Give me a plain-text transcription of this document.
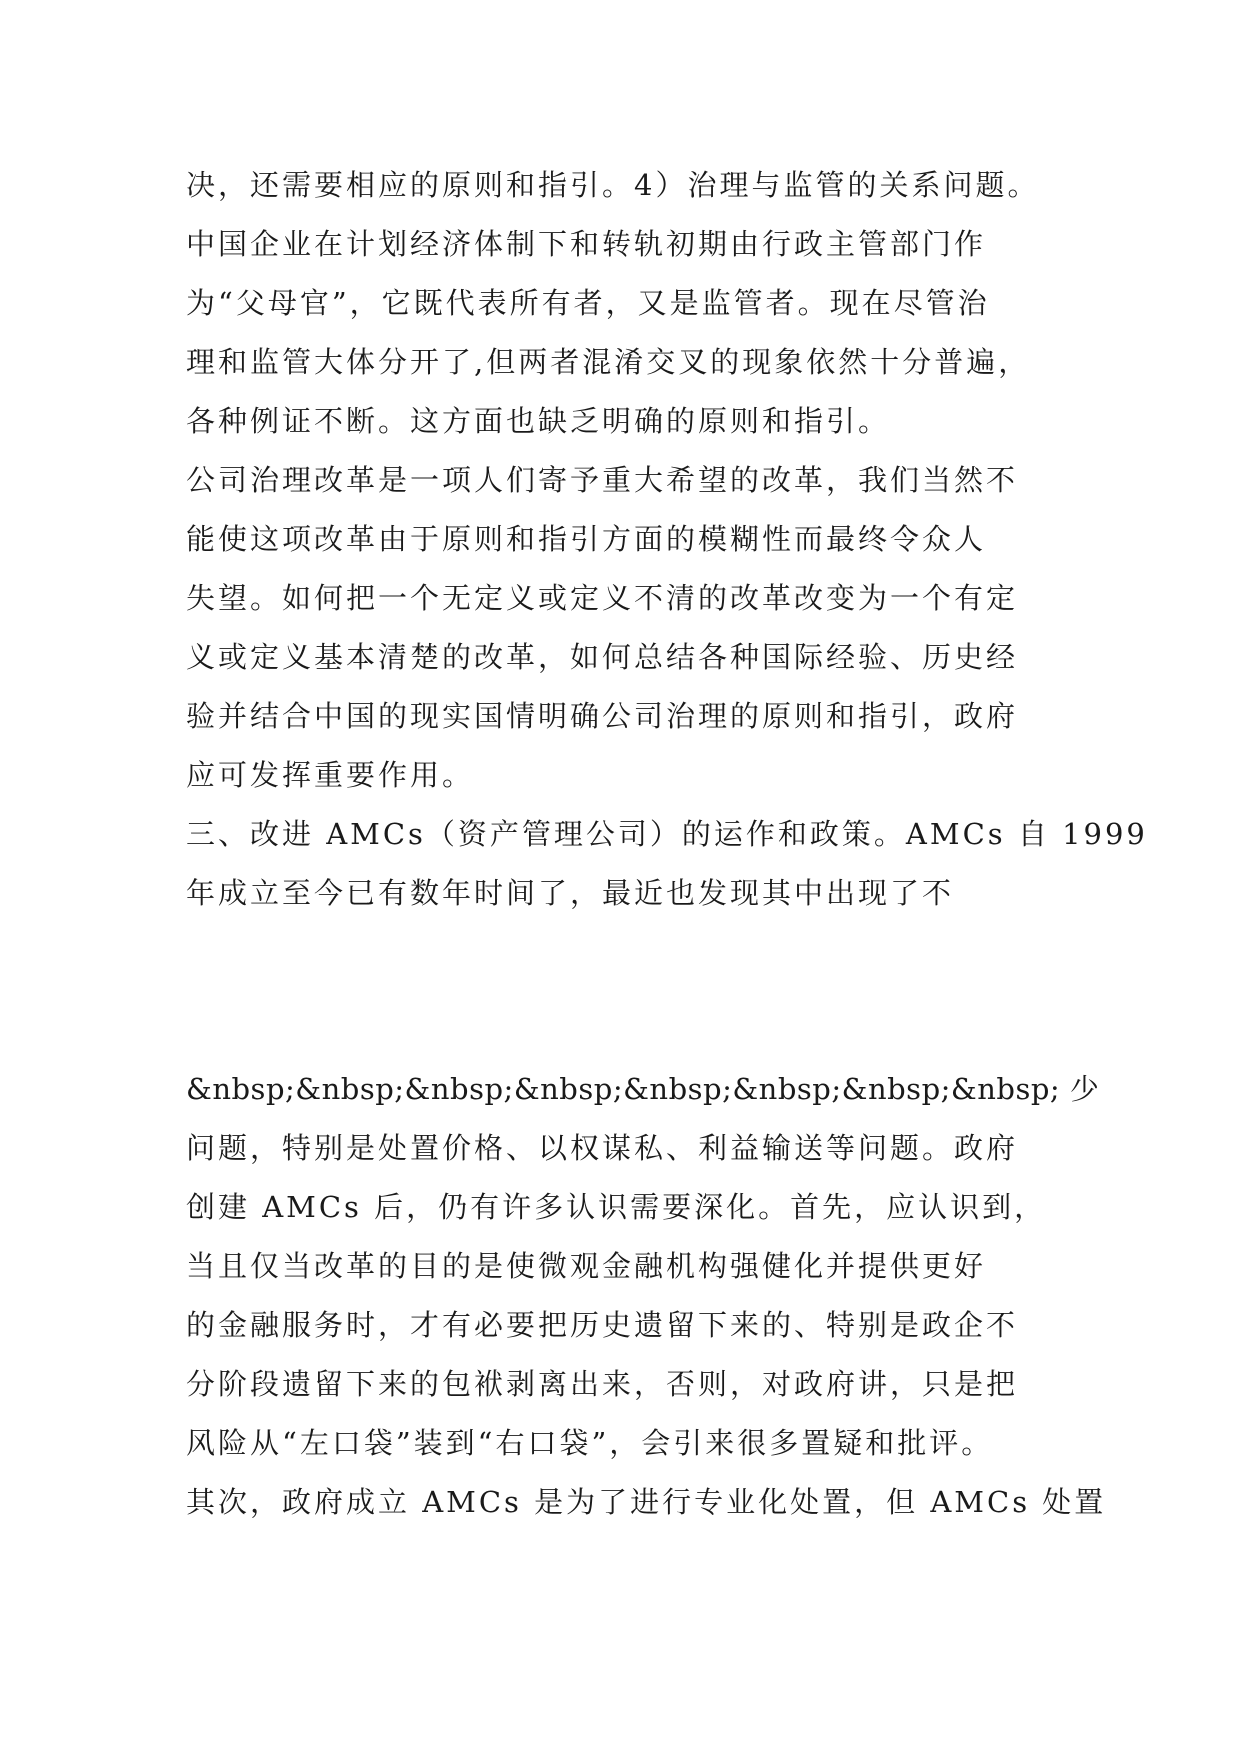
决，还需要相应的原则和指引。4）治理与监管的关系问题。
中国企业在计划经济体制下和转轨初期由行政主管部门作
为“父母官”，它既代表所有者，又是监管者。现在尽管治
理和监管大体分开了,但两者混淆交叉的现象依然十分普遍，
各种例证不断。这方面也缺乏明确的原则和指引。
公司治理改革是一项人们寄予重大希望的改革，我们当然不
能使这项改革由于原则和指引方面的模糊性而最终令众人
失望。如何把一个无定义或定义不清的改革改变为一个有定
义或定义基本清楚的改革，如何总结各种国际经验、历史经
验并结合中国的现实国情明确公司治理的原则和指引，政府
应可发挥重要作用。
三、改进 AMCs（资产管理公司）的运作和政策。AMCs 自 1999
年成立至今已有数年时间了，最近也发现其中出现了不
&nbsp;&nbsp;&nbsp;&nbsp;&nbsp;&nbsp;&nbsp;&nbsp; 少
问题，特别是处置价格、以权谋私、利益输送等问题。政府
创建 AMCs 后，仍有许多认识需要深化。首先，应认识到，
当且仅当改革的目的是使微观金融机构强健化并提供更好
的金融服务时，才有必要把历史遗留下来的、特别是政企不
分阶段遗留下来的包袱剥离出来，否则，对政府讲，只是把
风险从“左口袋”装到“右口袋”，会引来很多置疑和批评。
其次，政府成立 AMCs 是为了进行专业化处置，但 AMCs 处置
